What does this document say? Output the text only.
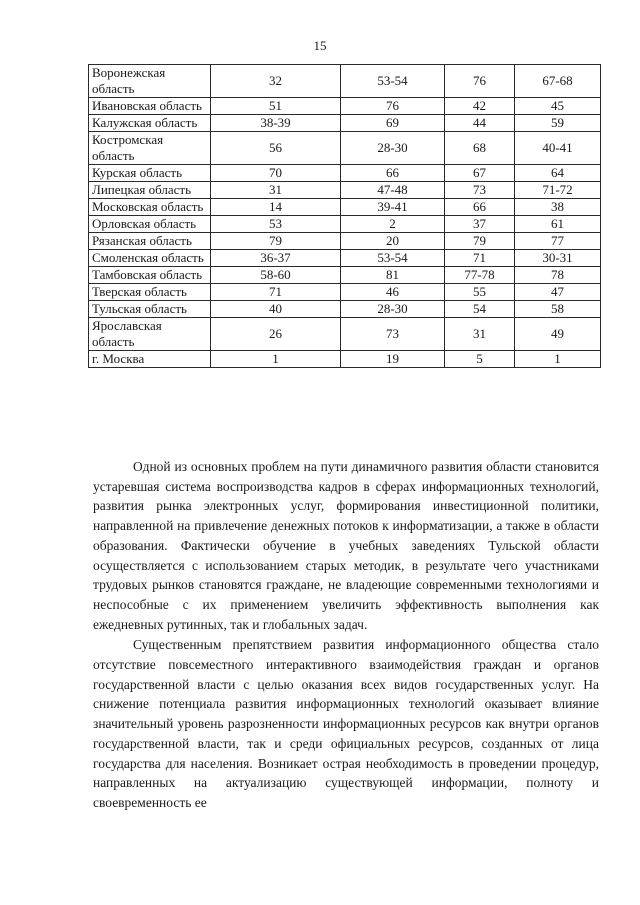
15
Воронежская область	32	53-54	76	67-68
Ивановская область	51	76	42	45
Калужская область	38-39	69	44	59
Костромская область	56	28-30	68	40-41
Курская область	70	66	67	64
Липецкая область	31	47-48	73	71-72
Московская область	14	39-41	66	38
Орловская область	53	2	37	61
Рязанская область	79	20	79	77
Смоленская область	36-37	53-54	71	30-31
Тамбовская область	58-60	81	77-78	78
Тверская область	71	46	55	47
Тульская область	40	28-30	54	58
Ярославская область	26	73	31	49
г. Москва	1	19	5	1

Одной из основных проблем на пути динамичного развития области становится устаревшая система воспроизводства кадров в сферах информационных технологий, развития рынка электронных услуг, формирования инвестиционной политики, направленной на привлечение денежных потоков к информатизации, а также в области образования. Фактически обучение в учебных заведениях Тульской области осуществляется с использованием старых методик, в результате чего участниками трудовых рынков становятся граждане, не владеющие современными технологиями и неспособные с их применением увеличить эффективность выполнения как ежедневных рутинных, так и глобальных задач.

Существенным препятствием развития информационного общества стало отсутствие повсеместного интерактивного взаимодействия граждан и органов государственной власти с целью оказания всех видов государственных услуг. На снижение потенциала развития информационных технологий оказывает влияние значительный уровень разрозненности информационных ресурсов как внутри органов государственной власти, так и среди официальных ресурсов, созданных от лица государства для населения. Возникает острая необходимость в проведении процедур, направленных на актуализацию существующей информации, полноту и своевременность ее
